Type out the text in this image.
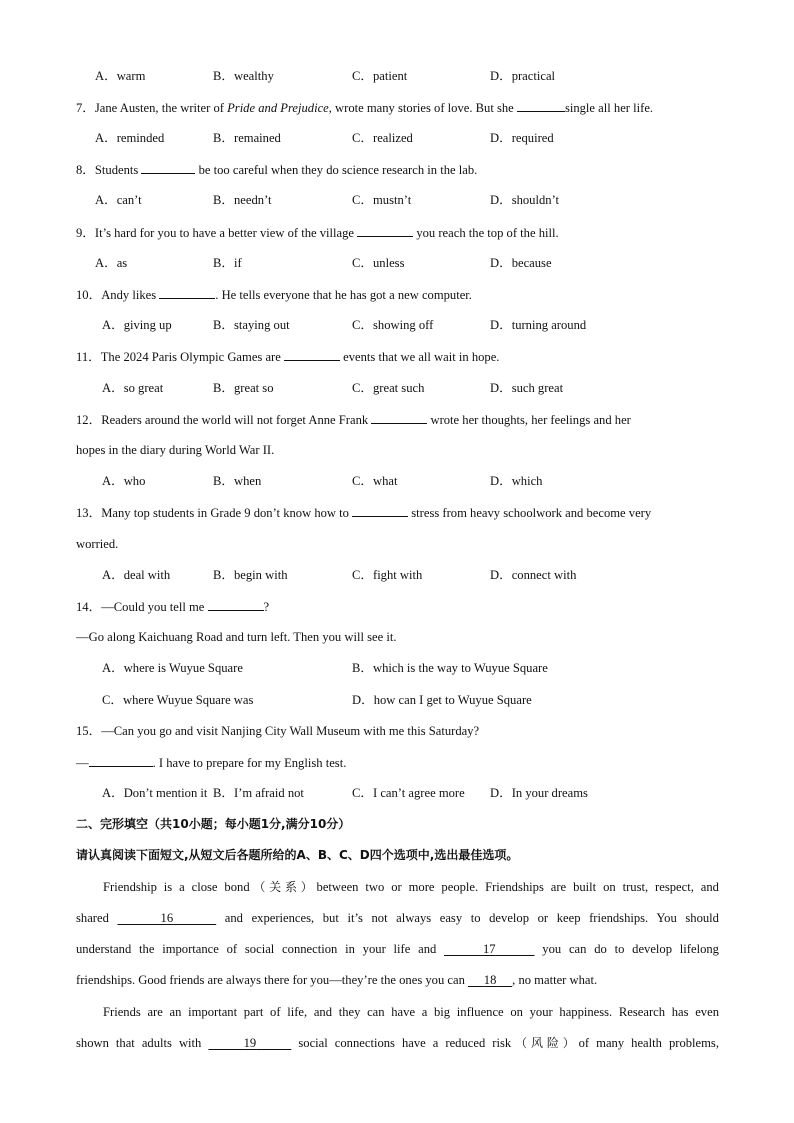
A．warm	B．wealthy	C．patient	D．practical
7．Jane Austen, the writer of Pride and Prejudice, wrote many stories of love. But she	single all her life.
A．reminded	B．remained	C．realized	D．required
8．Students	be too careful when they do science research in the lab.
A．can’t	B．needn’t	C．mustn’t	D．shouldn’t
9．It’s hard for you to have a better view of the village	you reach the top of the hill.
A．as	B．if	C．unless	D．because
10．Andy likes	. He tells everyone that he has got a new computer.
A．giving up	B．staying out	C．showing off	D．turning around
11．The 2024 Paris Olympic Games are	events that we all wait in hope.
A．so great	B．great so	C．great such	D．such great
12．Readers around the world will not forget Anne Frank	wrote her thoughts, her feelings and her
hopes in the diary during World War II.
A．who	B．when	C．what	D．which
13．Many top students in Grade 9 don’t know how to	stress from heavy schoolwork and become very
worried.
A．deal with	B．begin with	C．fight with	D．connect with
14．—Could you tell me	?
—Go along Kaichuang Road and turn left. Then you will see it.
A．where is Wuyue Square	B．which is the way to Wuyue Square
C．where Wuyue Square was	D．how can I get to Wuyue Square
15．—Can you go and visit Nanjing City Wall Museum with me this Saturday?
—	. I have to prepare for my English test.
A．Don’t mention it B．I’m afraid not	C．I can’t agree more D．In your dreams
二、完形填空（共10小题；每小题1分,满分10分）
请认真阅读下面短文,从短文后各题所给的A、B、C、D四个选项中,选出最佳选项。
Friendship is a close bond（关系）between two or more people. Friendships are built on trust, respect, and
shared	16	and experiences, but it’s not always easy to develop or keep friendships. You should
understand the importance of social connection in your life and	17	you can do to develop lifelong
friendships. Good friends are always there for you—they’re the ones you can 18 , no matter what.
Friends are an important part of life, and they can have a big influence on your happiness. Research has even
shown that adults with	19	social connections have a reduced risk（风险）of many health problems,
